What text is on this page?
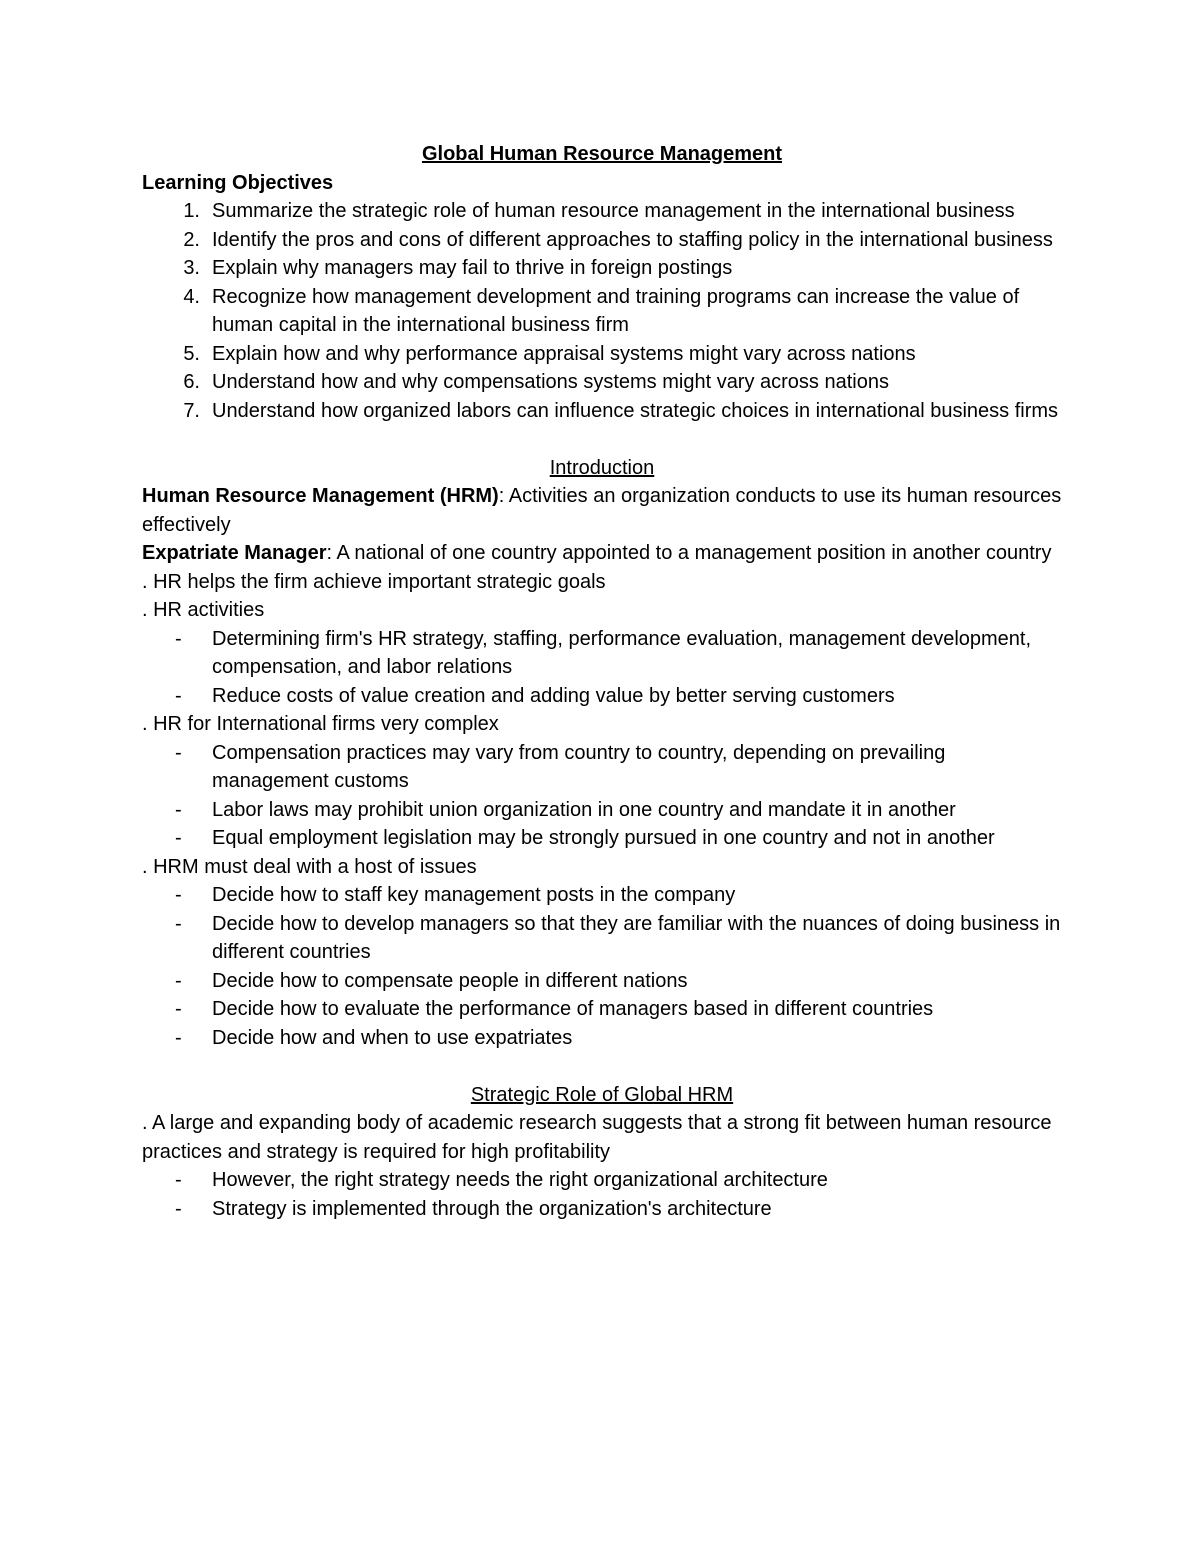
Global Human Resource Management

Learning Objectives

1. Summarize the strategic role of human resource management in the international business
2. Identify the pros and cons of different approaches to staffing policy in the international business
3. Explain why managers may fail to thrive in foreign postings
4. Recognize how management development and training programs can increase the value of human capital in the international business firm
5. Explain how and why performance appraisal systems might vary across nations
6. Understand how and why compensations systems might vary across nations
7. Understand how organized labors can influence strategic choices in international business firms

Introduction

Human Resource Management (HRM): Activities an organization conducts to use its human resources effectively

Expatriate Manager: A national of one country appointed to a management position in another country

. HR helps the firm achieve important strategic goals

. HR activities

-	Determining firm's HR strategy, staffing, performance evaluation, management development, compensation, and labor relations
-	Reduce costs of value creation and adding value by better serving customers

. HR for International firms very complex

-	Compensation practices may vary from country to country, depending on prevailing management customs
-	Labor laws may prohibit union organization in one country and mandate it in another
-	Equal employment legislation may be strongly pursued in one country and not in another

. HRM must deal with a host of issues

-	Decide how to staff key management posts in the company
-	Decide how to develop managers so that they are familiar with the nuances of doing business in different countries
-	Decide how to compensate people in different nations
-	Decide how to evaluate the performance of managers based in different countries
-	Decide how and when to use expatriates

Strategic Role of Global HRM

. A large and expanding body of academic research suggests that a strong fit between human resource practices and strategy is required for high profitability

-	However, the right strategy needs the right organizational architecture
-	Strategy is implemented through the organization's architecture
